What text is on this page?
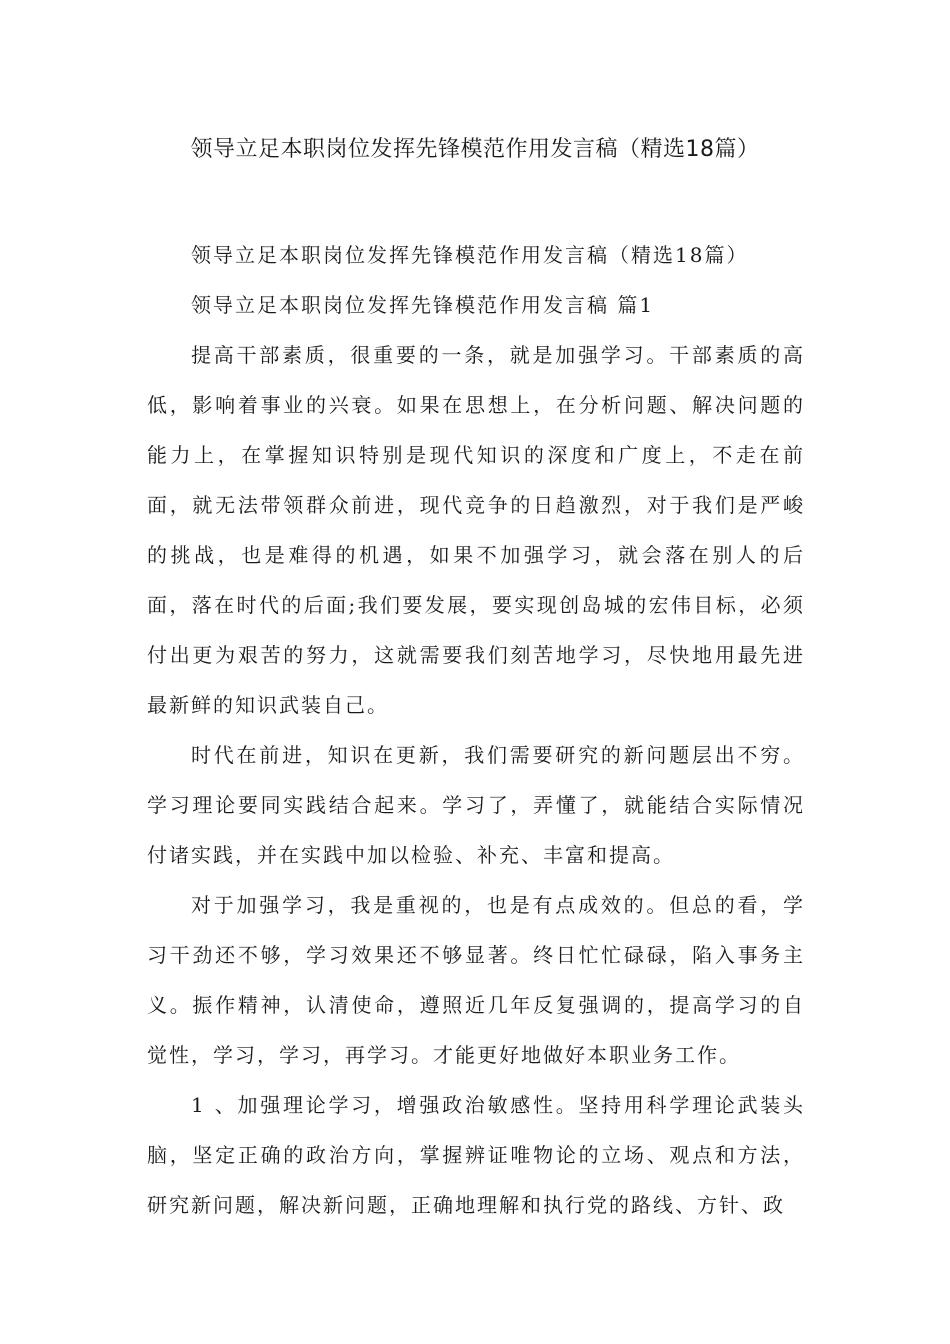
领导立足本职岗位发挥先锋模范作用发言稿（精选18篇）

领导立足本职岗位发挥先锋模范作用发言稿（精选18篇）

领导立足本职岗位发挥先锋模范作用发言稿 篇1

提高干部素质，很重要的一条，就是加强学习。干部素质的高低，影响着事业的兴衰。如果在思想上，在分析问题、解决问题的能力上，在掌握知识特别是现代知识的深度和广度上，不走在前面，就无法带领群众前进，现代竞争的日趋激烈，对于我们是严峻的挑战，也是难得的机遇，如果不加强学习，就会落在别人的后面，落在时代的后面;我们要发展，要实现创岛城的宏伟目标，必须付出更为艰苦的努力，这就需要我们刻苦地学习，尽快地用最先进最新鲜的知识武装自己。

时代在前进，知识在更新，我们需要研究的新问题层出不穷。学习理论要同实践结合起来。学习了，弄懂了，就能结合实际情况付诸实践，并在实践中加以检验、补充、丰富和提高。

对于加强学习，我是重视的，也是有点成效的。但总的看，学习干劲还不够，学习效果还不够显著。终日忙忙碌碌，陷入事务主义。振作精神，认清使命，遵照近几年反复强调的，提高学习的自觉性，学习，学习，再学习。才能更好地做好本职业务工作。

1 、加强理论学习，增强政治敏感性。坚持用科学理论武装头脑，坚定正确的政治方向，掌握辨证唯物论的立场、观点和方法，研究新问题，解决新问题，正确地理解和执行党的路线、方针、政
